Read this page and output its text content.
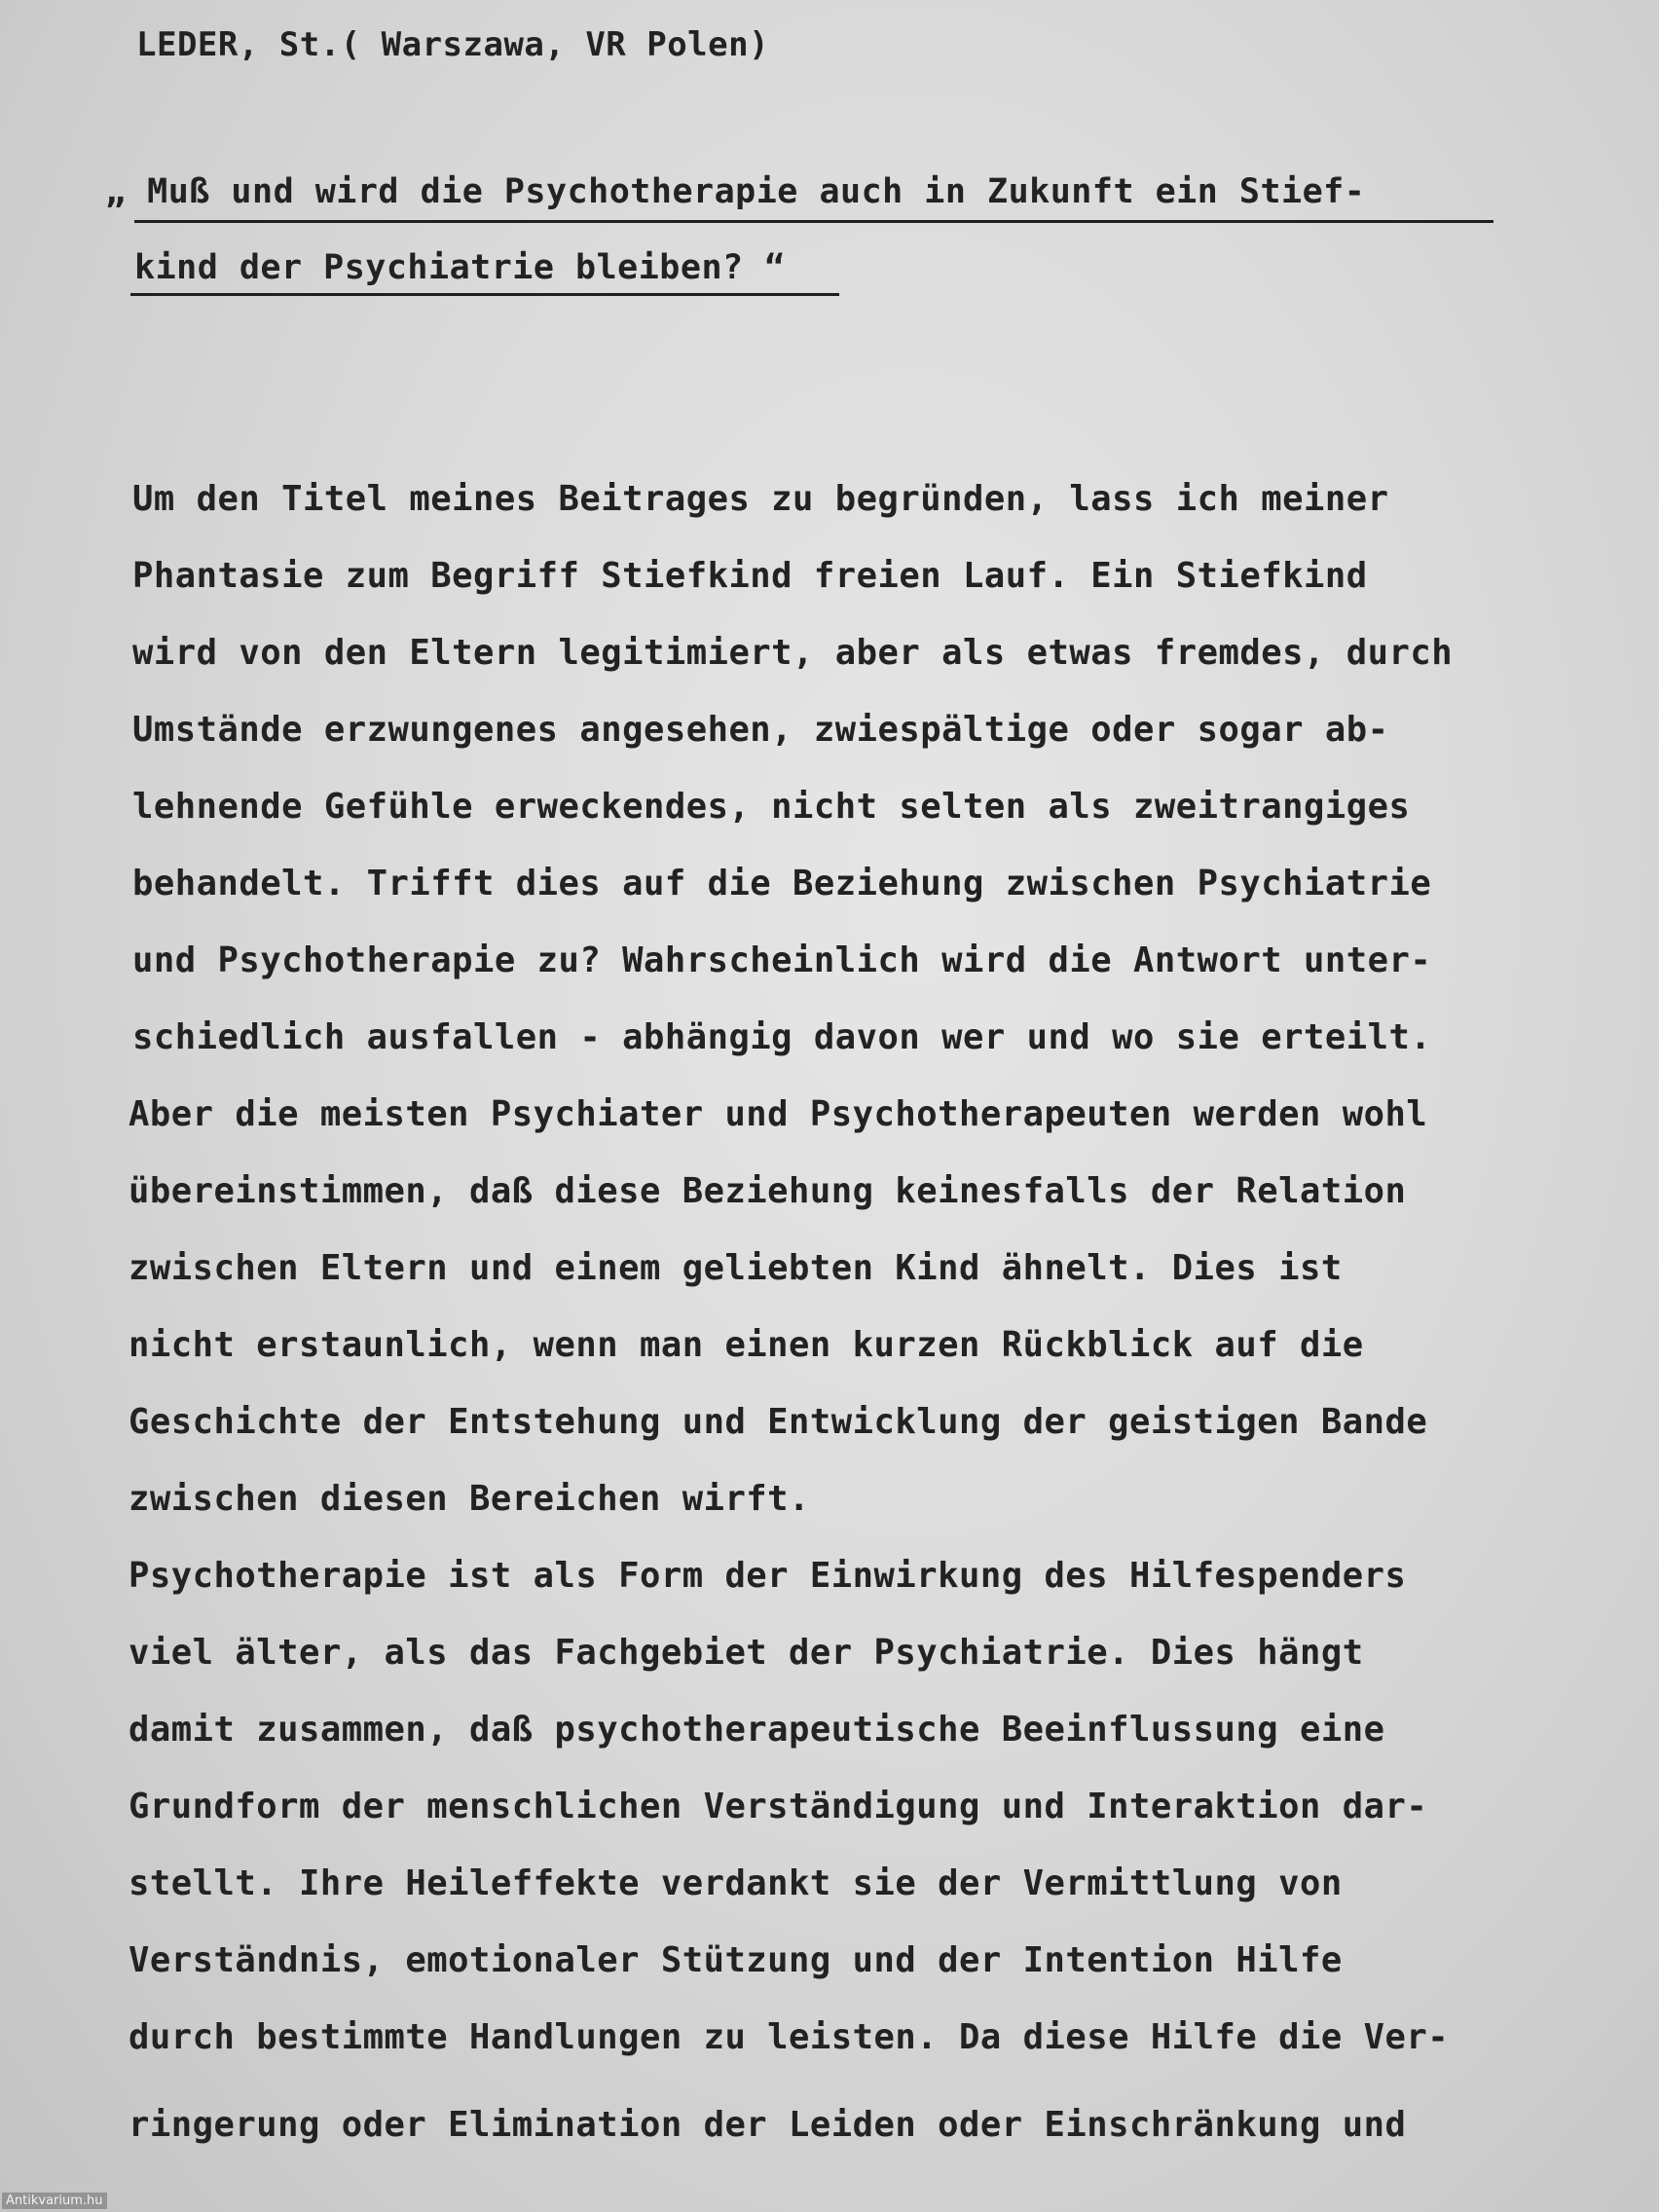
LEDER, St.( Warszawa, VR Polen)
„ Muß und wird die Psychotherapie auch in Zukunft ein Stief-
kind der Psychiatrie bleiben? “
Um den Titel meines Beitrages zu begründen, lass ich meiner
Phantasie zum Begriff Stiefkind freien Lauf. Ein Stiefkind
wird von den Eltern legitimiert, aber als etwas fremdes, durch
Umstände erzwungenes angesehen, zwiespältige oder sogar ab-
lehnende Gefühle erweckendes, nicht selten als zweitrangiges
behandelt. Trifft dies auf die Beziehung zwischen Psychiatrie
und Psychotherapie zu? Wahrscheinlich wird die Antwort unter-
schiedlich ausfallen - abhängig davon wer und wo sie erteilt.
Aber die meisten Psychiater und Psychotherapeuten werden wohl
übereinstimmen, daß diese Beziehung keinesfalls der Relation
zwischen Eltern und einem geliebten Kind ähnelt. Dies ist
nicht erstaunlich, wenn man einen kurzen Rückblick auf die
Geschichte der Entstehung und Entwicklung der geistigen Bande
zwischen diesen Bereichen wirft.
Psychotherapie ist als Form der Einwirkung des Hilfespenders
viel älter, als das Fachgebiet der Psychiatrie. Dies hängt
damit zusammen, daß psychotherapeutische Beeinflussung eine
Grundform der menschlichen Verständigung und Interaktion dar-
stellt. Ihre Heileffekte verdankt sie der Vermittlung von
Verständnis, emotionaler Stützung und der Intention Hilfe
durch bestimmte Handlungen zu leisten. Da diese Hilfe die Ver-
ringerung oder Elimination der Leiden oder Einschränkung und
Antikvarium.hu
